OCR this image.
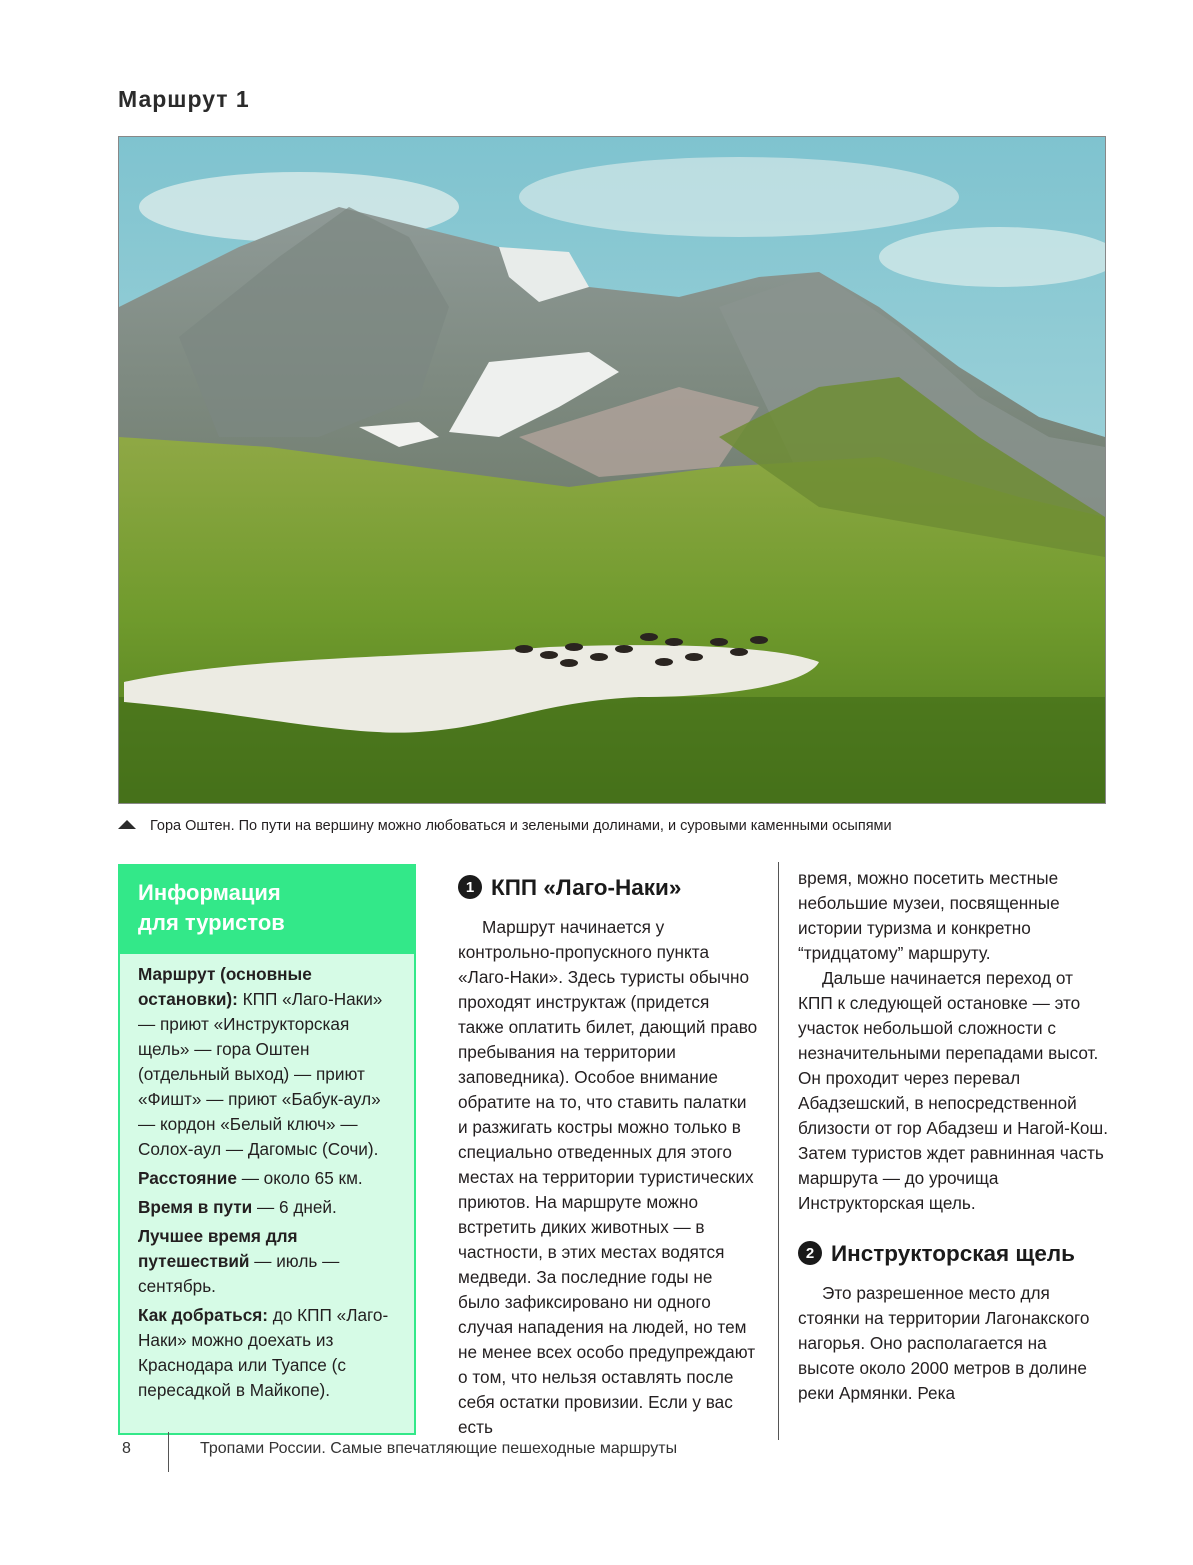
Маршрут 1
Гора Оштен. По пути на вершину можно любоваться и зелеными долинами, и суровыми каменными осыпями
Информация
для туристов

Маршрут (основные остановки): КПП «Лаго-Наки» — приют «Инструкторская щель» — гора Оштен (отдельный выход) — приют «Фишт» — приют «Бабук-аул» — кордон «Белый ключ» — Солох-аул — Дагомыс (Сочи).

Расстояние — около 65 км.

Время в пути — 6 дней.

Лучшее время для путешествий — июль — сентябрь.

Как добраться: до КПП «Лаго-Наки» можно доехать из Краснодара или Туапсе (с пересадкой в Майкопе).

1 КПП «Лаго-Наки»

Маршрут начинается у контрольно-пропускного пункта «Лаго-Наки». Здесь туристы обычно проходят инструктаж (придется также оплатить билет, дающий право пребывания на территории заповедника). Особое внимание обратите на то, что ставить палатки и разжигать костры можно только в специально отведенных для этого местах на территории туристических приютов. На маршруте можно встретить диких животных — в частности, в этих местах водятся медведи. За последние годы не было зафиксировано ни одного случая нападения на людей, но тем не менее всех особо предупреждают о том, что нельзя оставлять после себя остатки провизии. Если у вас есть

время, можно посетить местные небольшие музеи, посвященные истории туризма и конкретно “тридцатому” маршруту.

Дальше начинается переход от КПП к следующей остановке — это участок небольшой сложности с незначительными перепадами высот. Он проходит через перевал Абадзешский, в непосредственной близости от гор Абадзеш и Нагой-Кош. Затем туристов ждет равнинная часть маршрута — до урочища Инструкторская щель.

2 Инструкторская щель

Это разрешенное место для стоянки на территории Лагонакского нагорья. Оно располагается на высоте около 2000 метров в долине реки Армянки. Река

8	Тропами России. Самые впечатляющие пешеходные маршруты
